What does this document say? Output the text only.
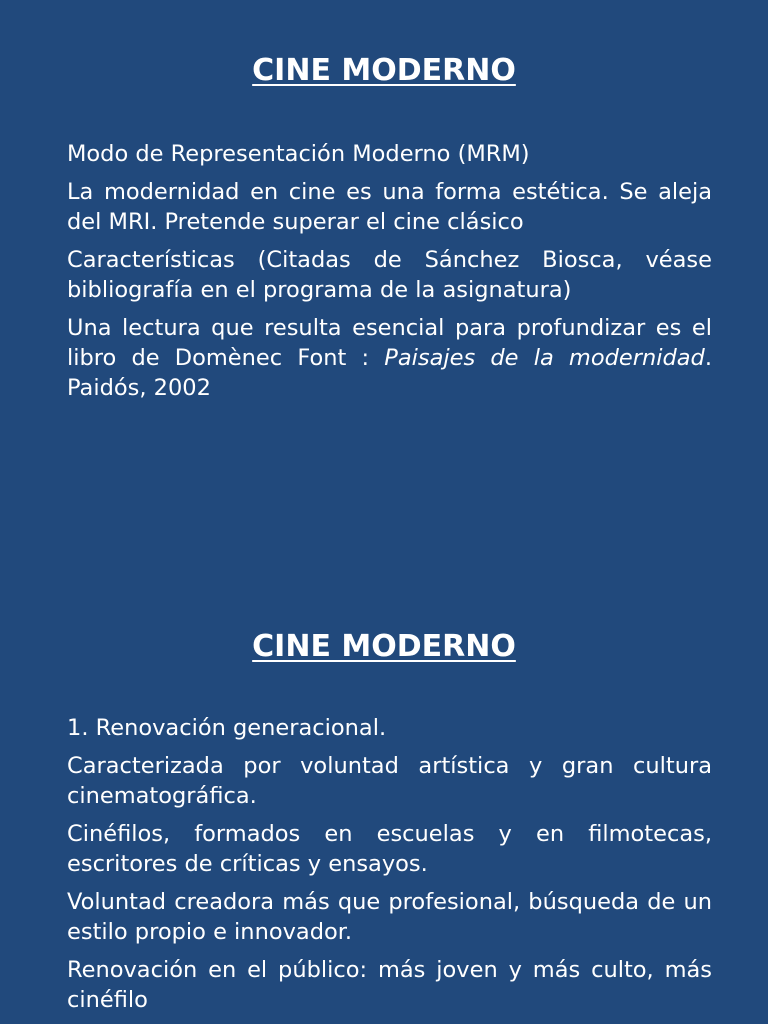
CINE MODERNO

Modo de Representación Moderno (MRM)

La modernidad en cine es una forma estética. Se aleja del MRI. Pretende superar el cine clásico

Características (Citadas de Sánchez Biosca, véase bibliografía en el programa de la asignatura)

Una lectura que resulta esencial para profundizar es el libro de Domènec Font : Paisajes de la modernidad. Paidós, 2002

CINE MODERNO

1. Renovación generacional.

Caracterizada por voluntad artística y gran cultura cinematográfica.

Cinéfilos, formados en escuelas y en filmotecas, escritores de críticas y ensayos.

Voluntad creadora más que profesional, búsqueda de un estilo propio e innovador.

Renovación en el público: más joven y más culto, más cinéfilo
